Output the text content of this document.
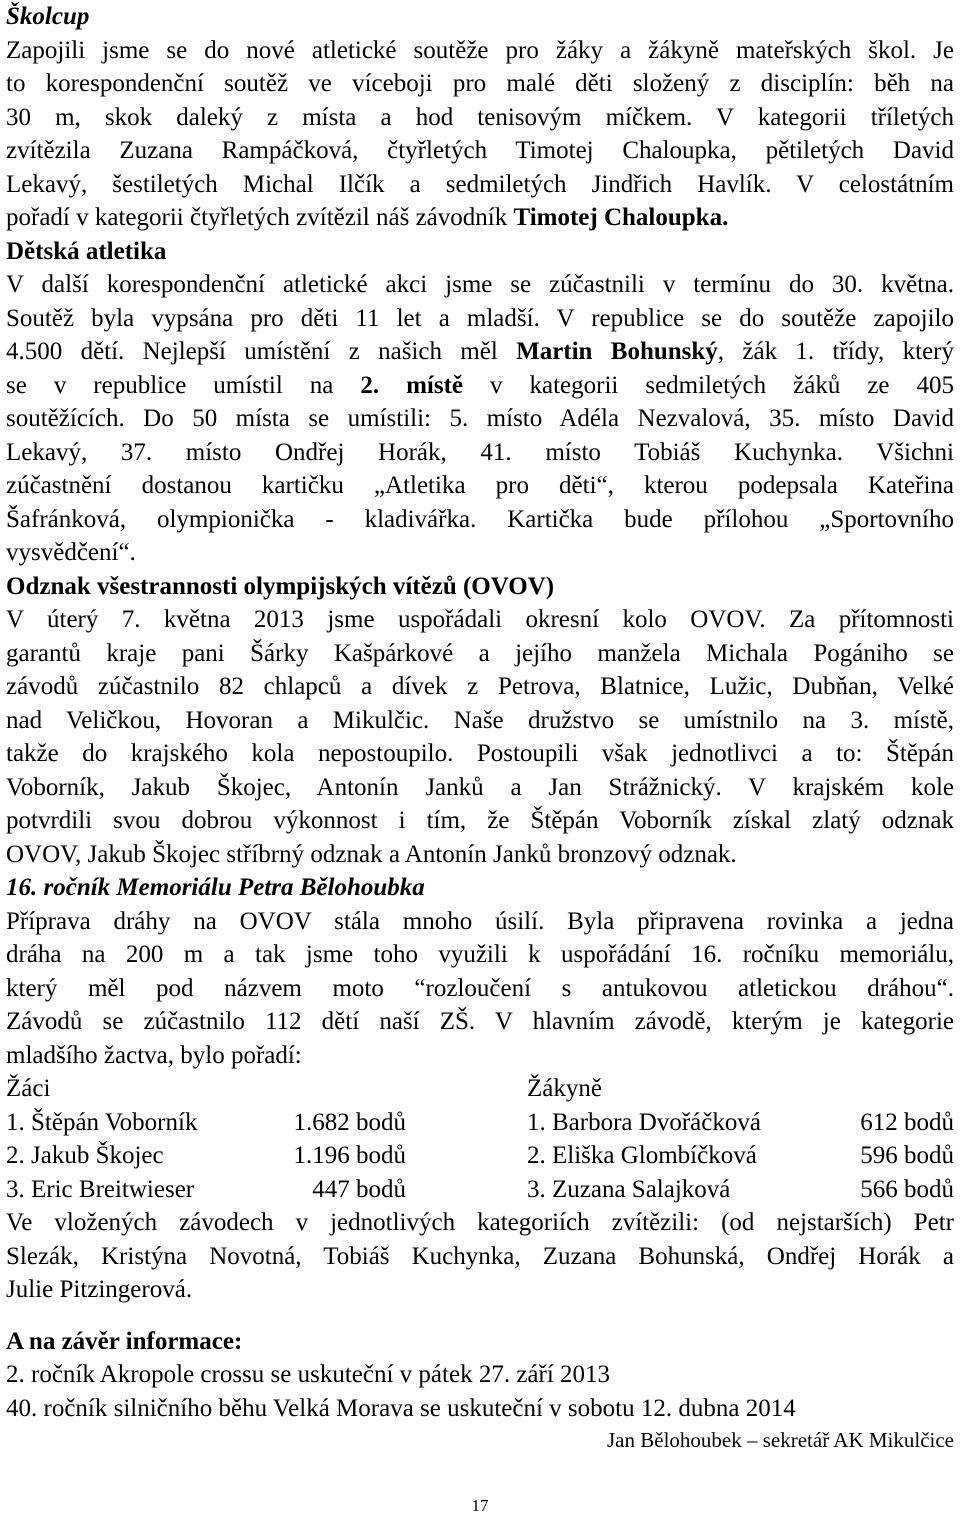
Školcup
Zapojili jsme se do nové atletické soutěže pro žáky a žákyně mateřských škol. Je
to korespondenční soutěž ve víceboji pro malé děti složený z disciplín: běh na
30 m, skok daleký z místa a hod tenisovým míčkem. V kategorii tříletých
zvítězila Zuzana Rampáčková, čtyřletých Timotej Chaloupka, pětiletých David
Lekavý, šestiletých Michal Ilčík a sedmiletých Jindřich Havlík. V celostátním
pořadí v kategorii čtyřletých zvítězil náš závodník Timotej Chaloupka.
Dětská atletika
V další korespondenční atletické akci jsme se zúčastnili v termínu do 30. května.
Soutěž byla vypsána pro děti 11 let a mladší. V republice se do soutěže zapojilo
4.500 dětí. Nejlepší umístění z našich měl Martin Bohunský, žák 1. třídy, který
se v republice umístil na 2. místě v kategorii sedmiletých žáků ze 405
soutěžících. Do 50 místa se umístili: 5. místo Adéla Nezvalová, 35. místo David
Lekavý, 37. místo Ondřej Horák, 41. místo Tobiáš Kuchynka. Všichni
zúčastnění dostanou kartičku „Atletika pro děti“, kterou podepsala Kateřina
Šafránková, olympionička - kladivářka. Kartička bude přílohou „Sportovního
vysvědčení“.
Odznak všestrannosti olympijských vítězů (OVOV)
V úterý 7. května 2013 jsme uspořádali okresní kolo OVOV. Za přítomnosti
garantů kraje pani Šárky Kašpárkové a jejího manžela Michala Pogániho se
závodů zúčastnilo 82 chlapců a dívek z Petrova, Blatnice, Lužic, Dubňan, Velké
nad Veličkou, Hovoran a Mikulčic. Naše družstvo se umístnilo na 3. místě,
takže do krajského kola nepostoupilo. Postoupili však jednotlivci a to: Štěpán
Voborník, Jakub Škojec, Antonín Janků a Jan Strážnický. V krajském kole
potvrdili svou dobrou výkonnost i tím, že Štěpán Voborník získal zlatý odznak
OVOV, Jakub Škojec stříbrný odznak a Antonín Janků bronzový odznak.
16. ročník Memoriálu Petra Bělohoubka
Příprava dráhy na OVOV stála mnoho úsilí. Byla připravena rovinka a jedna
dráha na 200 m a tak jsme toho využili k uspořádání 16. ročníku memoriálu,
který měl pod názvem moto “rozloučení s antukovou atletickou dráhou“.
Závodů se zúčastnilo 112 dětí naší ZŠ. V hlavním závodě, kterým je kategorie
mladšího žactva, bylo pořadí:
Žáci	Žákyně
1. Štěpán Voborník	1.682 bodů	1. Barbora Dvořáčková	612 bodů
2. Jakub Škojec	1.196 bodů	2. Eliška Glombíčková	596 bodů
3. Eric Breitwieser	447 bodů	3. Zuzana Salajková	566 bodů
Ve vložených závodech v jednotlivých kategoriích zvítězili: (od nejstarších) Petr
Slezák, Kristýna Novotná, Tobiáš Kuchynka, Zuzana Bohunská, Ondřej Horák a
Julie Pitzingerová.
A na závěr informace:
2. ročník Akropole crossu se uskuteční v pátek 27. září 2013
40. ročník silničního běhu Velká Morava se uskuteční v sobotu 12. dubna 2014
Jan Bělohoubek – sekretář AK Mikulčice
17
